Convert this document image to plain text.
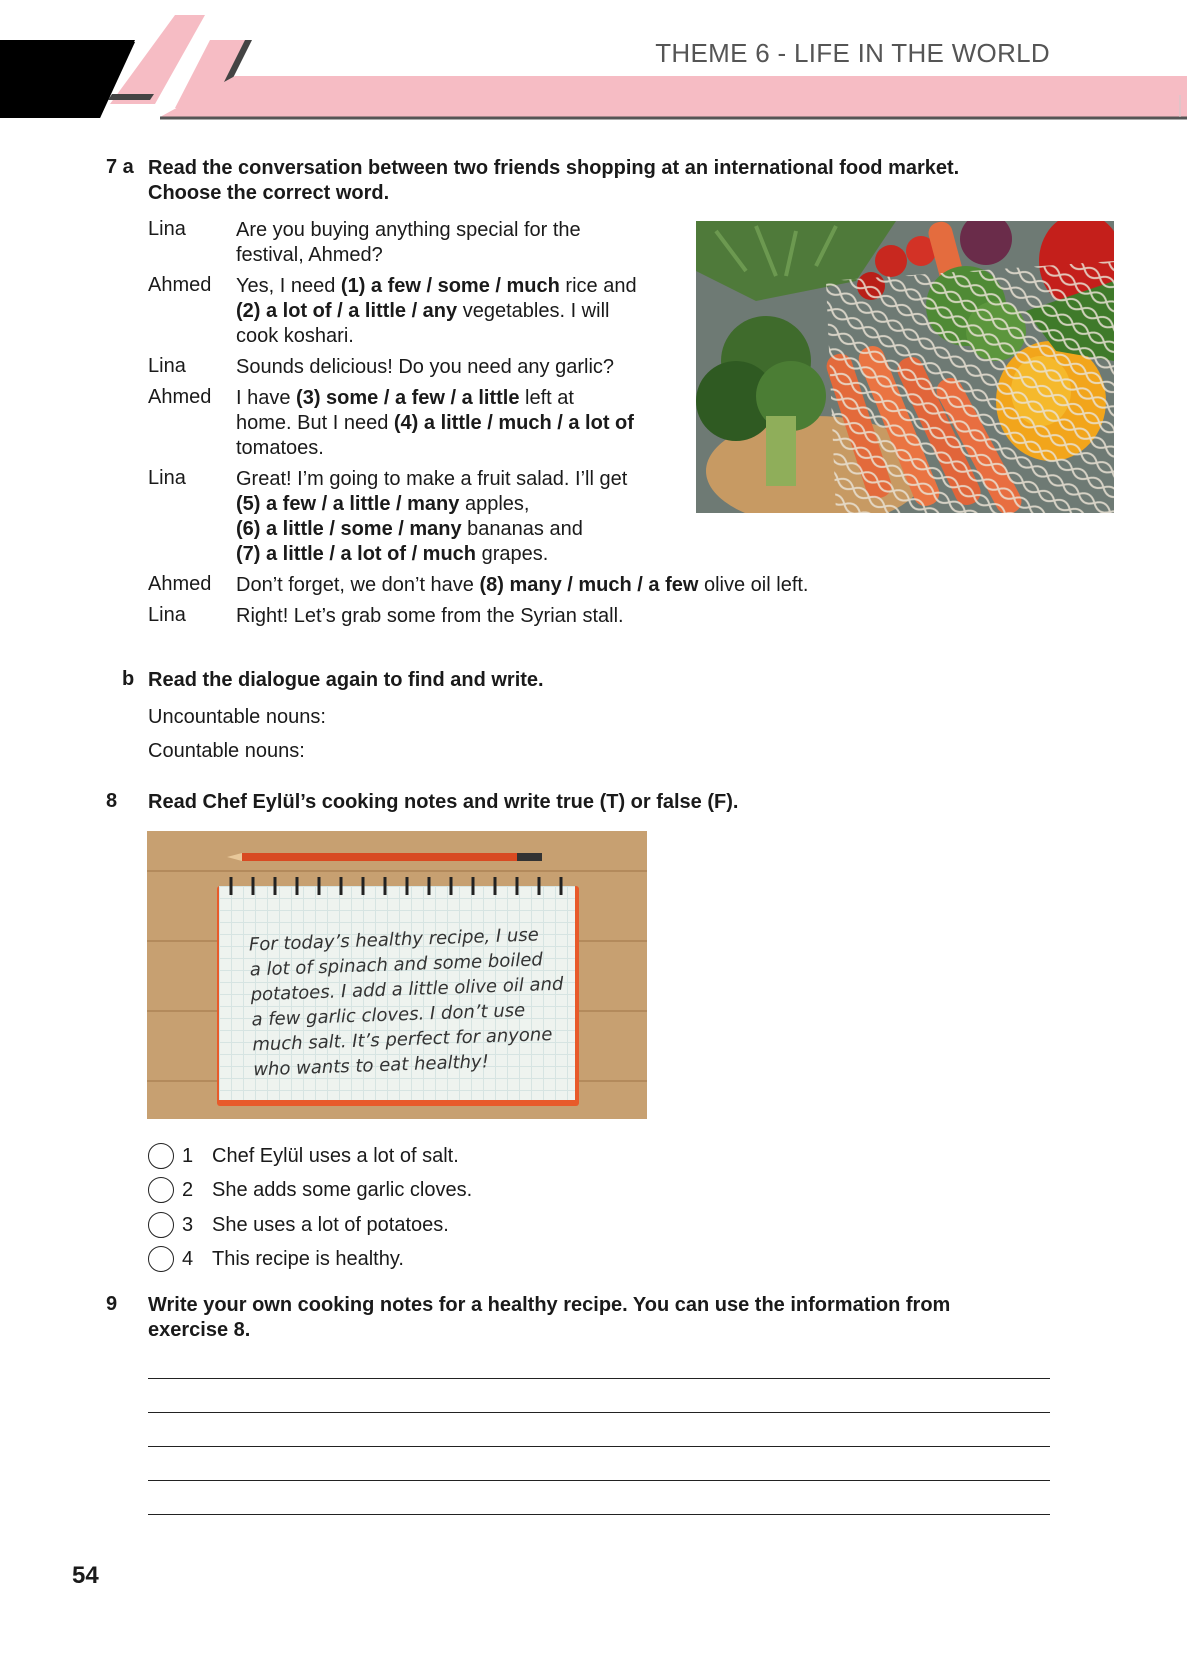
THEME 6 - LIFE IN THE WORLD
7 a Read the conversation between two friends shopping at an international food market.
Choose the correct word.
Lina	Are you buying anything special for the
festival, Ahmed?
Ahmed Yes, I need (1) a few / some / much rice and
(2) a lot of / a little / any vegetables. I will
cook koshari.
Lina	Sounds delicious! Do you need any garlic?
Ahmed I have (3) some / a few / a little left at
home. But I need (4) a little / much / a lot of
tomatoes.
Lina	Great! I’m going to make a fruit salad. I’ll get
(5) a few / a little / many apples,
(6) a little / some / many bananas and
(7) a little / a lot of / much grapes.
Ahmed Don’t forget, we don’t have (8) many / much / a few olive oil left.
Lina	Right! Let’s grab some from the Syrian stall.
b Read the dialogue again to find and write.
Uncountable nouns:
Countable nouns:
8 Read Chef Eylül’s cooking notes and write true (T) or false (F).
For today’s healthy recipe, I use
a lot of spinach and some boiled
potatoes. I add a little olive oil and
a few garlic cloves. I don’t use
much salt. It’s perfect for anyone
who wants to eat healthy!
1 Chef Eylül uses a lot of salt.
2 She adds some garlic cloves.
3 She uses a lot of potatoes.
4 This recipe is healthy.
9 Write your own cooking notes for a healthy recipe. You can use the information from
exercise 8.
54
